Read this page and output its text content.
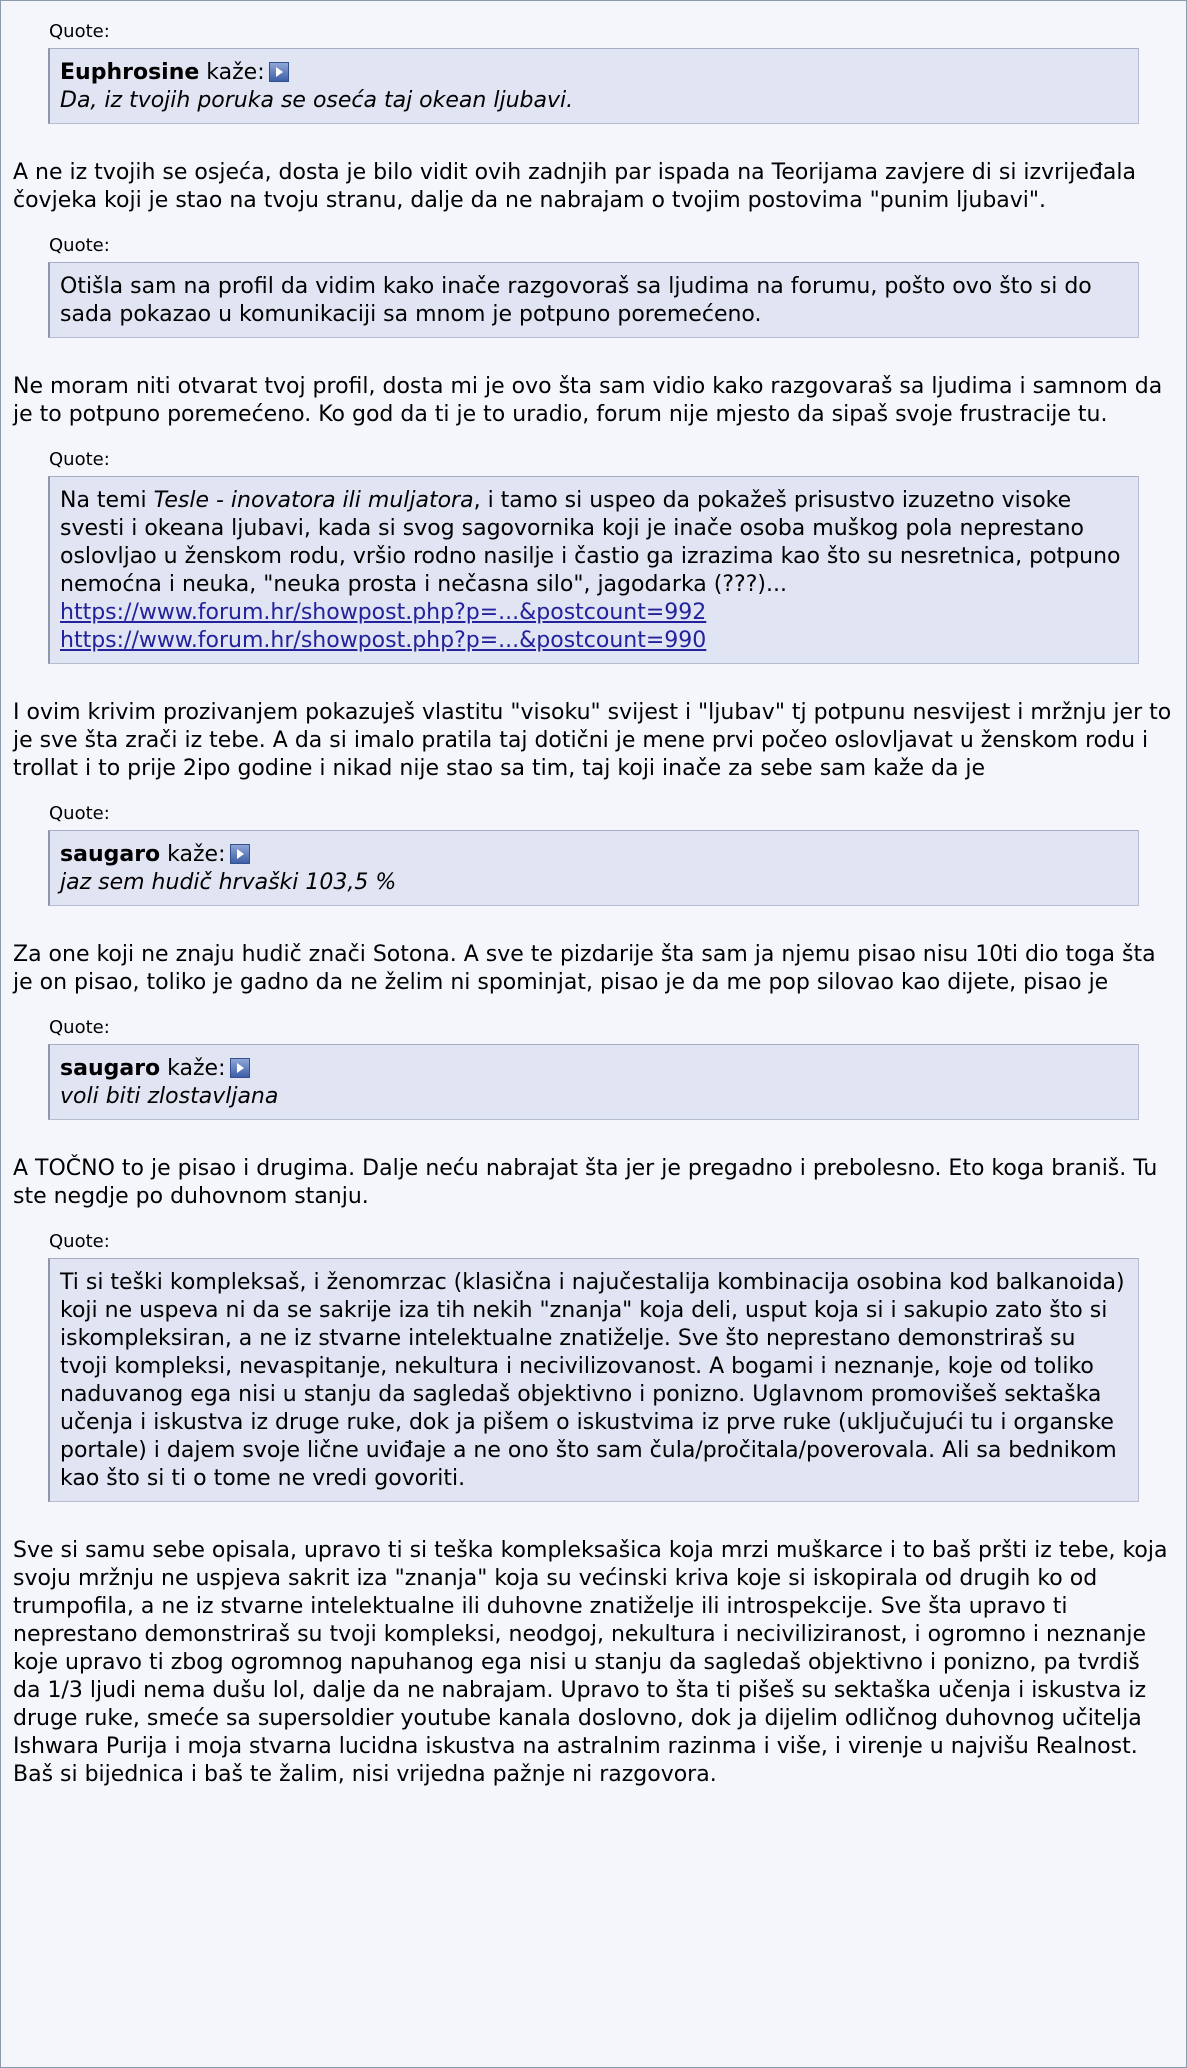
Quote:
Euphrosine kaže:
Da, iz tvojih poruka se oseća taj okean ljubavi.
A ne iz tvojih se osjeća, dosta je bilo vidit ovih zadnjih par ispada na Teorijama zavjere di si izvrijeđala čovjeka koji je stao na tvoju stranu, dalje da ne nabrajam o tvojim postovima "punim ljubavi".
Quote:
Otišla sam na profil da vidim kako inače razgovoraš sa ljudima na forumu, pošto ovo što si do sada pokazao u komunikaciji sa mnom je potpuno poremećeno.
Ne moram niti otvarat tvoj profil, dosta mi je ovo šta sam vidio kako razgovaraš sa ljudima i samnom da je to potpuno poremećeno. Ko god da ti je to uradio, forum nije mjesto da sipaš svoje frustracije tu.
Quote:
Na temi Tesle - inovatora ili muljatora, i tamo si uspeo da pokažeš prisustvo izuzetno visoke svesti i okeana ljubavi, kada si svog sagovornika koji je inače osoba muškog pola neprestano oslovljao u ženskom rodu, vršio rodno nasilje i častio ga izrazima kao što su nesretnica, potpuno nemoćna i neuka, "neuka prosta i nečasna silo", jagodarka (???)...
https://www.forum.hr/showpost.php?p=...&postcount=992
https://www.forum.hr/showpost.php?p=...&postcount=990
I ovim krivim prozivanjem pokazuješ vlastitu "visoku" svijest i "ljubav" tj potpunu nesvijest i mržnju jer to je sve šta zrači iz tebe. A da si imalo pratila taj dotični je mene prvi počeo oslovljavat u ženskom rodu i trollat i to prije 2ipo godine i nikad nije stao sa tim, taj koji inače za sebe sam kaže da je
Quote:
saugaro kaže:
jaz sem hudič hrvaški 103,5 %
Za one koji ne znaju hudič znači Sotona. A sve te pizdarije šta sam ja njemu pisao nisu 10ti dio toga šta je on pisao, toliko je gadno da ne želim ni spominjat, pisao je da me pop silovao kao dijete, pisao je
Quote:
saugaro kaže:
voli biti zlostavljana
A TOČNO to je pisao i drugima. Dalje neću nabrajat šta jer je pregadno i prebolesno. Eto koga braniš. Tu ste negdje po duhovnom stanju.
Quote:
Ti si teški kompleksaš, i ženomrzac (klasična i najučestalija kombinacija osobina kod balkanoida) koji ne uspeva ni da se sakrije iza tih nekih "znanja" koja deli, usput koja si i sakupio zato što si iskompleksiran, a ne iz stvarne intelektualne znatiželje. Sve što neprestano demonstriraš su tvoji kompleksi, nevaspitanje, nekultura i necivilizovanost. A bogami i neznanje, koje od toliko naduvanog ega nisi u stanju da sagledaš objektivno i ponizno. Uglavnom promovišeš sektaška učenja i iskustva iz druge ruke, dok ja pišem o iskustvima iz prve ruke (uključujući tu i organske portale) i dajem svoje lične uviđaje a ne ono što sam čula/pročitala/poverovala. Ali sa bednikom kao što si ti o tome ne vredi govoriti.
Sve si samu sebe opisala, upravo ti si teška kompleksašica koja mrzi muškarce i to baš pršti iz tebe, koja svoju mržnju ne uspjeva sakrit iza "znanja" koja su većinski kriva koje si iskopirala od drugih ko od trumpofila, a ne iz stvarne intelektualne ili duhovne znatiželje ili introspekcije. Sve šta upravo ti neprestano demonstriraš su tvoji kompleksi, neodgoj, nekultura i neciviliziranost, i ogromno i neznanje koje upravo ti zbog ogromnog napuhanog ega nisi u stanju da sagledaš objektivno i ponizno, pa tvrdiš da 1/3 ljudi nema dušu lol, dalje da ne nabrajam. Upravo to šta ti pišeš su sektaška učenja i iskustva iz druge ruke, smeće sa supersoldier youtube kanala doslovno, dok ja dijelim odličnog duhovnog učitelja Ishwara Purija i moja stvarna lucidna iskustva na astralnim razinma i više, i virenje u najvišu Realnost. Baš si bijednica i baš te žalim, nisi vrijedna pažnje ni razgovora.
